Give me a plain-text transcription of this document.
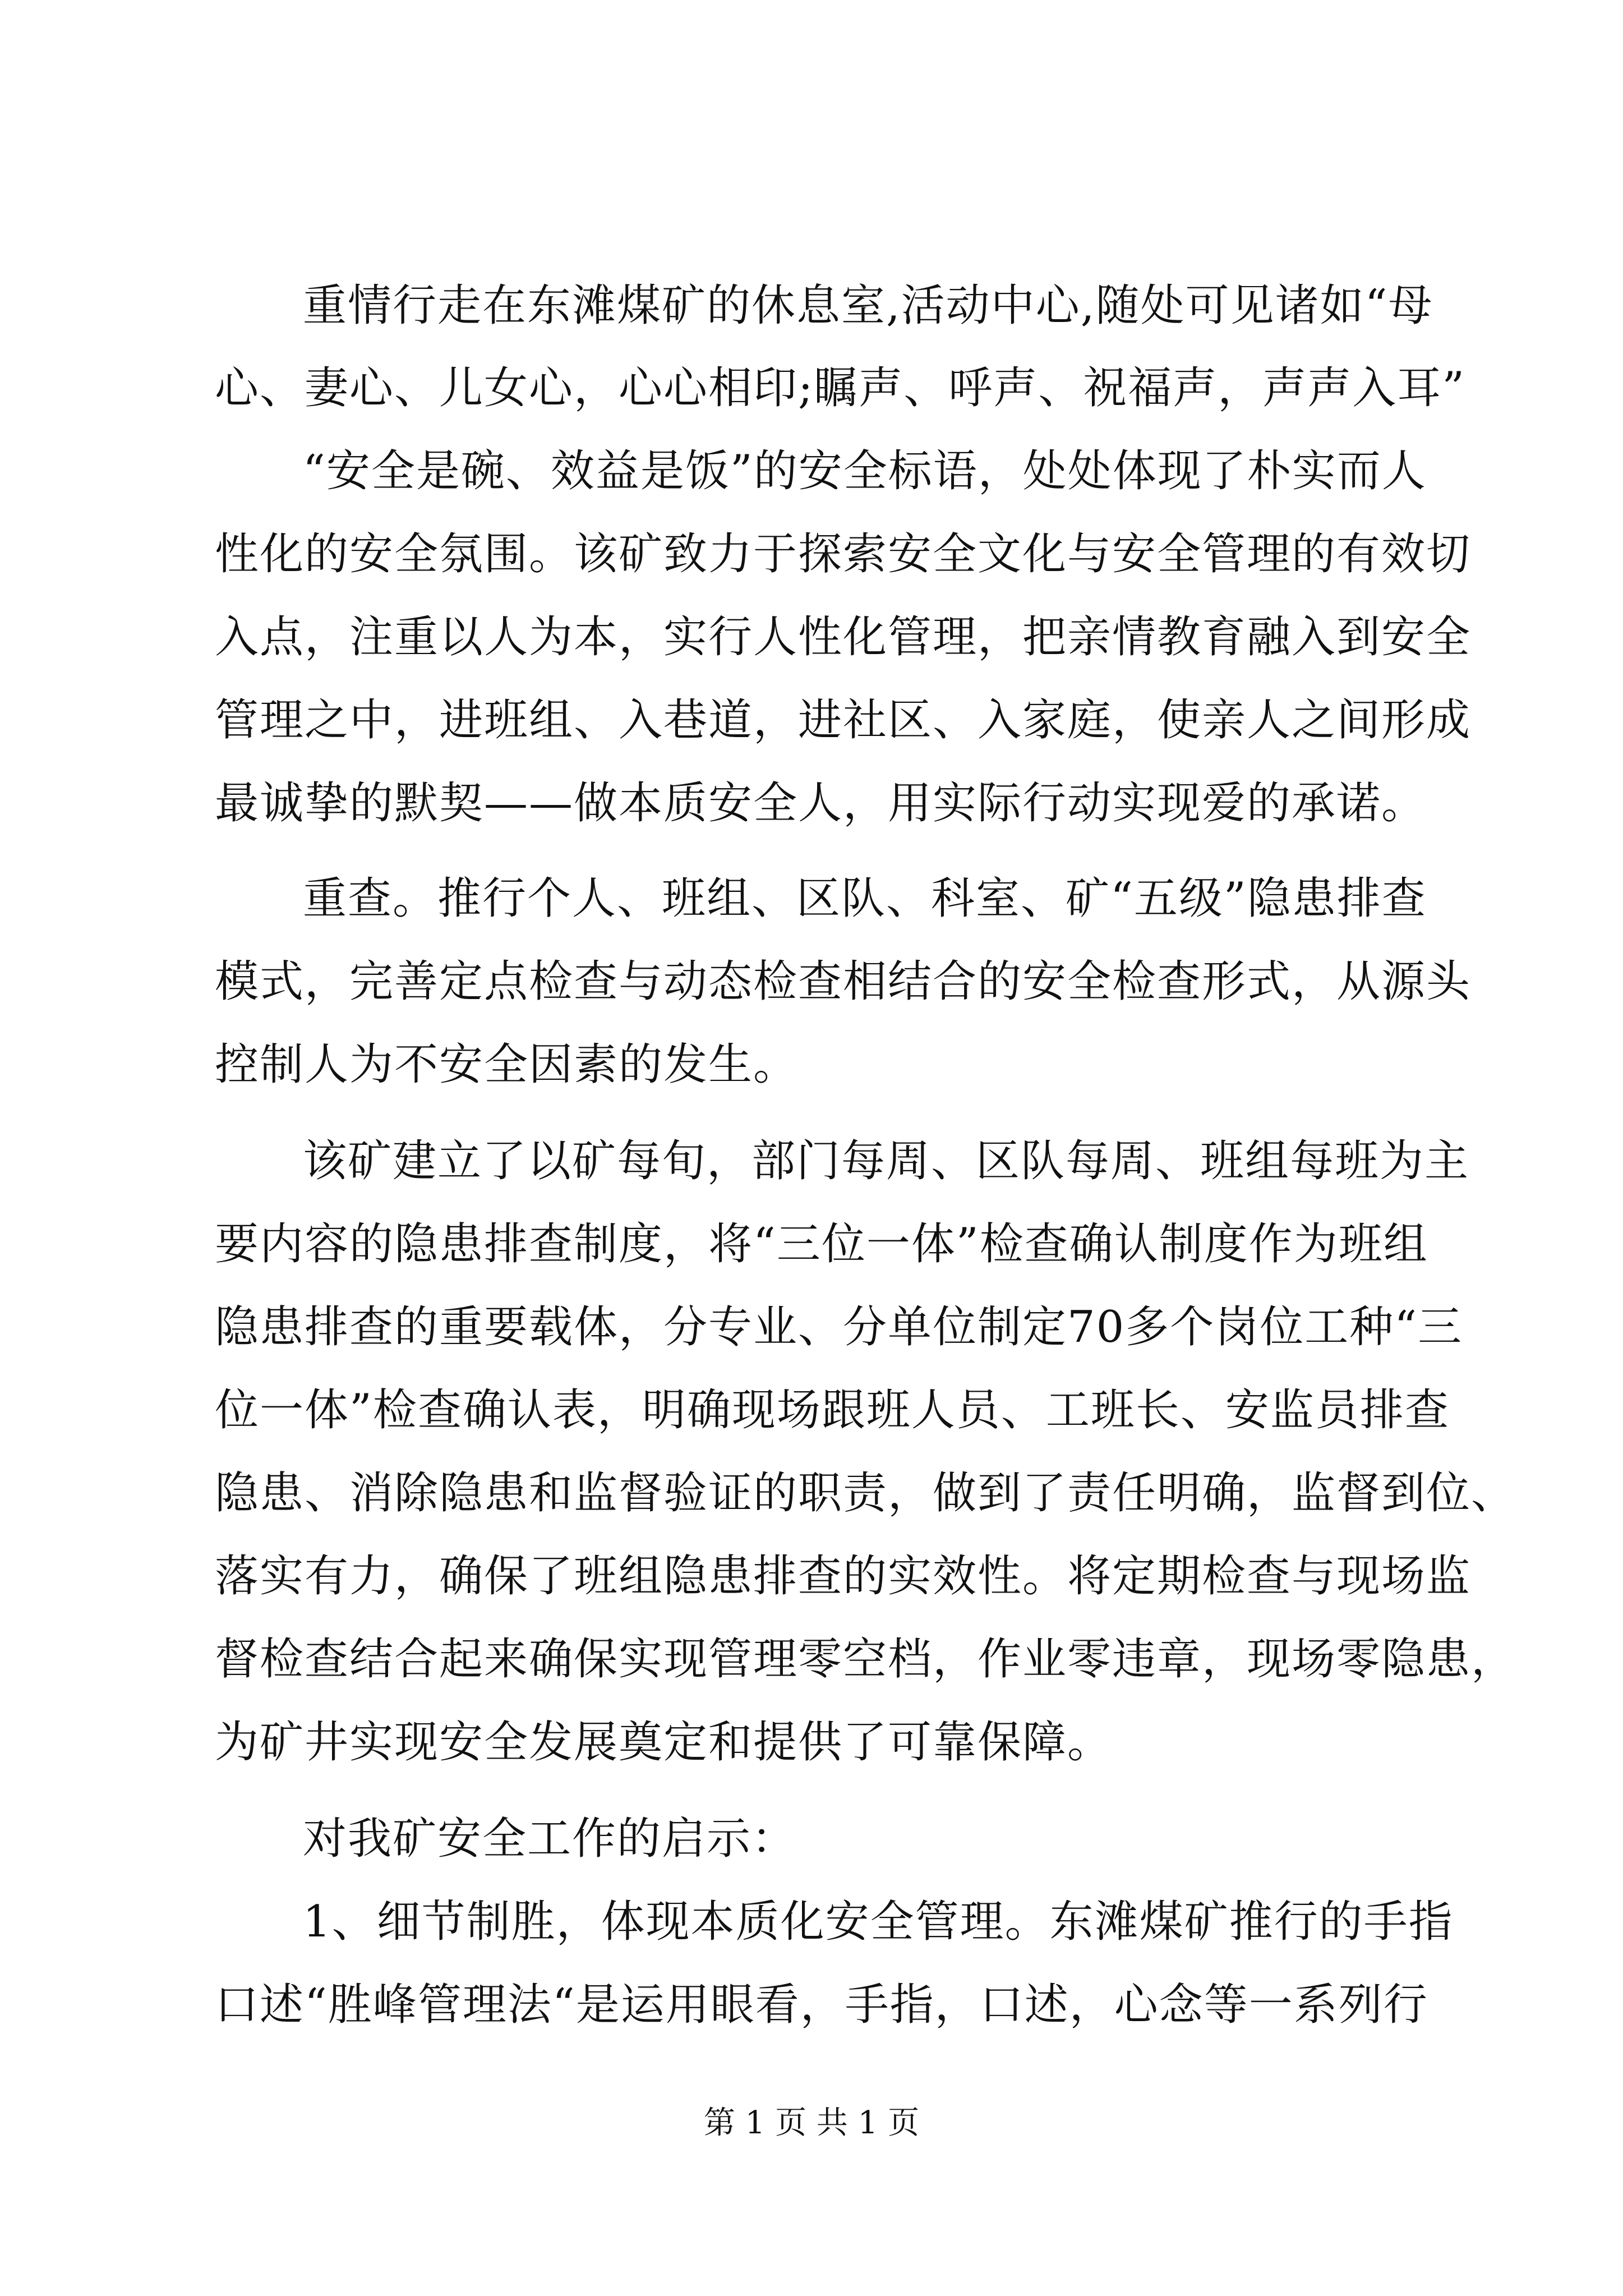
重情行走在东滩煤矿的休息室,活动中心,随处可见诸如“母
心、妻心、儿女心，心心相印;瞩声、呼声、祝福声，声声入耳”
“安全是碗、效益是饭”的安全标语，处处体现了朴实而人
性化的安全氛围。该矿致力于探索安全文化与安全管理的有效切
入点，注重以人为本，实行人性化管理，把亲情教育融入到安全
管理之中，进班组、入巷道，进社区、入家庭，使亲人之间形成
最诚挚的默契——做本质安全人，用实际行动实现爱的承诺。
重查。推行个人、班组、区队、科室、矿“五级”隐患排查
模式，完善定点检查与动态检查相结合的安全检查形式，从源头
控制人为不安全因素的发生。
该矿建立了以矿每旬，部门每周、区队每周、班组每班为主
要内容的隐患排查制度，将“三位一体”检查确认制度作为班组
隐患排查的重要载体，分专业、分单位制定70多个岗位工种“三
位一体”检查确认表，明确现场跟班人员、工班长、安监员排查
隐患、消除隐患和监督验证的职责，做到了责任明确，监督到位、
落实有力，确保了班组隐患排查的实效性。将定期检查与现场监
督检查结合起来确保实现管理零空档，作业零违章，现场零隐患，
为矿井实现安全发展奠定和提供了可靠保障。
对我矿安全工作的启示：
1、细节制胜，体现本质化安全管理。东滩煤矿推行的手指
口述“胜峰管理法“是运用眼看，手指，口述，心念等一系列行
第 1 页 共 1 页
